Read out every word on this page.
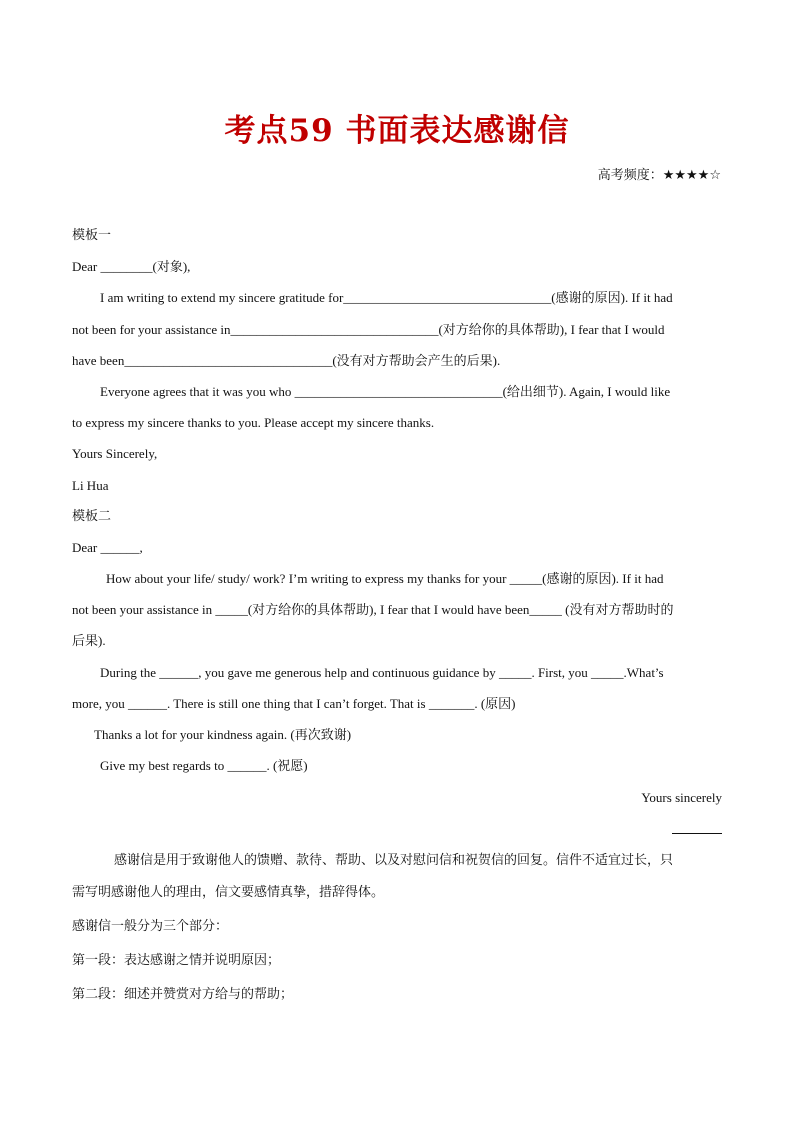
考点59 书面表达感谢信
高考频度：★★★★☆
模板一
Dear ________(对象),
I am writing to extend my sincere gratitude for________________________________(感谢的原因). If it had
not been for your assistance in________________________________(对方给你的具体帮助), I fear that I would
have been________________________________(没有对方帮助会产生的后果).
Everyone agrees that it was you who ________________________________(给出细节). Again, I would like
to express my sincere thanks to you. Please accept my sincere thanks.
Yours Sincerely,
Li Hua
模板二
Dear ______,
How about your life/ study/ work? I’m writing to express my thanks for your _____(感谢的原因). If it had
not been your assistance in _____(对方给你的具体帮助), I fear that I would have been_____ (没有对方帮助时的
后果).
During the ______, you gave me generous help and continuous guidance by _____. First, you _____.What’s
more, you ______. There is still one thing that I can’t forget. That is _______. (原因)
Thanks a lot for your kindness again. (再次致谢)
Give my best regards to ______. (祝愿)
Yours sincerely
感谢信是用于致谢他人的馈赠、款待、帮助、以及对慰问信和祝贺信的回复。信件不适宜过长，只
需写明感谢他人的理由，信文要感情真挚，措辞得体。
感谢信一般分为三个部分：
第一段：表达感谢之情并说明原因；
第二段：细述并赞赏对方给与的帮助；
